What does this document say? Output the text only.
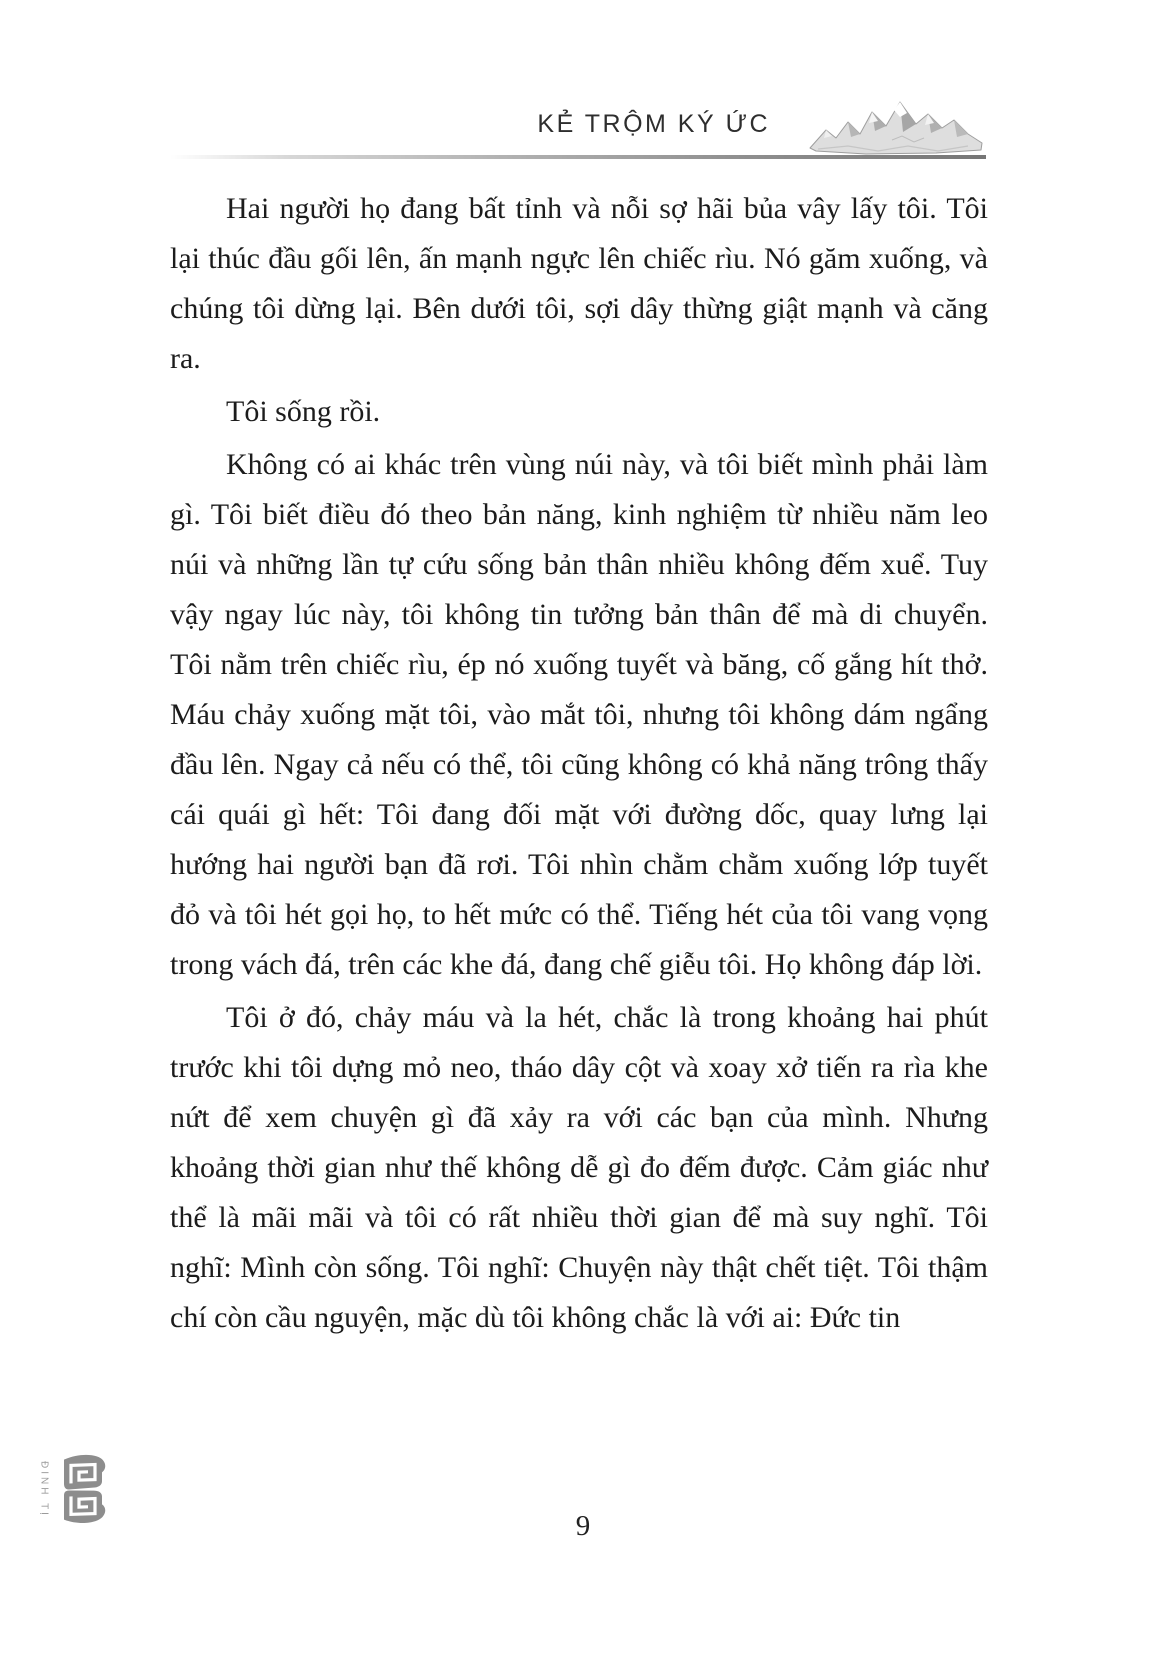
KẺ TRỘM KÝ ỨC

Hai người họ đang bất tỉnh và nỗi sợ hãi bủa vây lấy tôi. Tôi lại thúc đầu gối lên, ấn mạnh ngực lên chiếc rìu. Nó găm xuống, và chúng tôi dừng lại. Bên dưới tôi, sợi dây thừng giật mạnh và căng ra.

Tôi sống rồi.

Không có ai khác trên vùng núi này, và tôi biết mình phải làm gì. Tôi biết điều đó theo bản năng, kinh nghiệm từ nhiều năm leo núi và những lần tự cứu sống bản thân nhiều không đếm xuể. Tuy vậy ngay lúc này, tôi không tin tưởng bản thân để mà di chuyển. Tôi nằm trên chiếc rìu, ép nó xuống tuyết và băng, cố gắng hít thở. Máu chảy xuống mặt tôi, vào mắt tôi, nhưng tôi không dám ngẩng đầu lên. Ngay cả nếu có thể, tôi cũng không có khả năng trông thấy cái quái gì hết: Tôi đang đối mặt với đường dốc, quay lưng lại hướng hai người bạn đã rơi. Tôi nhìn chằm chằm xuống lớp tuyết đỏ và tôi hét gọi họ, to hết mức có thể. Tiếng hét của tôi vang vọng trong vách đá, trên các khe đá, đang chế giễu tôi. Họ không đáp lời.

Tôi ở đó, chảy máu và la hét, chắc là trong khoảng hai phút trước khi tôi dựng mỏ neo, tháo dây cột và xoay xở tiến ra rìa khe nứt để xem chuyện gì đã xảy ra với các bạn của mình. Nhưng khoảng thời gian như thế không dễ gì đo đếm được. Cảm giác như thể là mãi mãi và tôi có rất nhiều thời gian để mà suy nghĩ. Tôi nghĩ: Mình còn sống. Tôi nghĩ: Chuyện này thật chết tiệt. Tôi thậm chí còn cầu nguyện, mặc dù tôi không chắc là với ai: Đức tin

9
ĐINH TỊ
